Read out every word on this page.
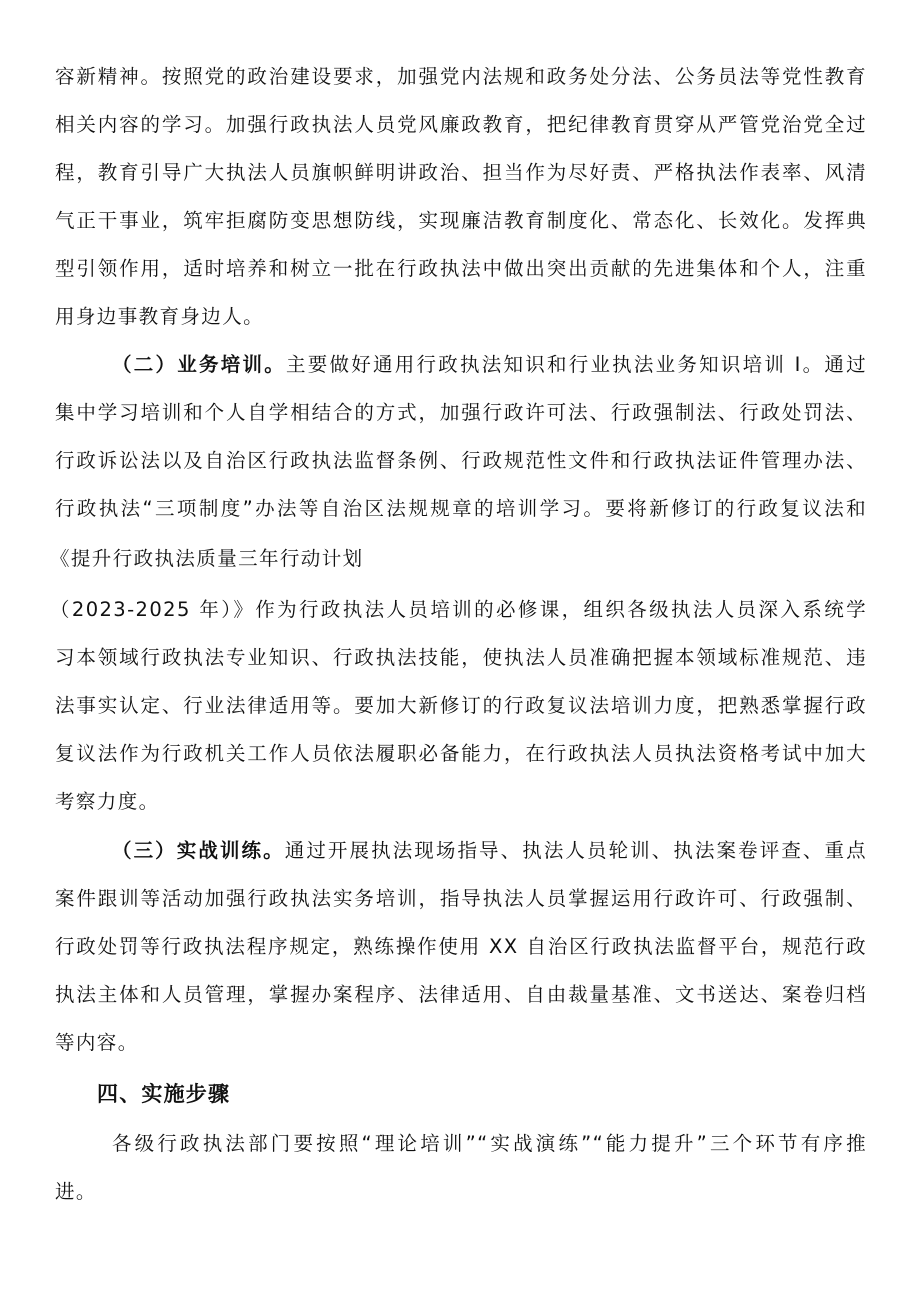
容新精神。按照党的政治建设要求，加强党内法规和政务处分法、公务员法等党性教育
相关内容的学习。加强行政执法人员党风廉政教育，把纪律教育贯穿从严管党治党全过
程，教育引导广大执法人员旗帜鲜明讲政治、担当作为尽好责、严格执法作表率、风清
气正干事业，筑牢拒腐防变思想防线，实现廉洁教育制度化、常态化、长效化。发挥典
型引领作用，适时培养和树立一批在行政执法中做出突出贡献的先进集体和个人，注重
用身边事教育身边人。
（二）业务培训。主要做好通用行政执法知识和行业执法业务知识培训 I。通过
集中学习培训和个人自学相结合的方式，加强行政许可法、行政强制法、行政处罚法、
行政诉讼法以及自治区行政执法监督条例、行政规范性文件和行政执法证件管理办法、
行政执法“三项制度”办法等自治区法规规章的培训学习。要将新修订的行政复议法和
《提升行政执法质量三年行动计划
（2023-2025 年）》作为行政执法人员培训的必修课，组织各级执法人员深入系统学
习本领域行政执法专业知识、行政执法技能，使执法人员准确把握本领域标准规范、违
法事实认定、行业法律适用等。要加大新修订的行政复议法培训力度，把熟悉掌握行政
复议法作为行政机关工作人员依法履职必备能力，在行政执法人员执法资格考试中加大
考察力度。
（三）实战训练。通过开展执法现场指导、执法人员轮训、执法案卷评查、重点
案件跟训等活动加强行政执法实务培训，指导执法人员掌握运用行政许可、行政强制、
行政处罚等行政执法程序规定，熟练操作使用 XX 自治区行政执法监督平台，规范行政
执法主体和人员管理，掌握办案程序、法律适用、自由裁量基准、文书送达、案卷归档
等内容。
四、实施步骤
各级行政执法部门要按照“理论培训”“实战演练”“能力提升”三个环节有序推
进。
